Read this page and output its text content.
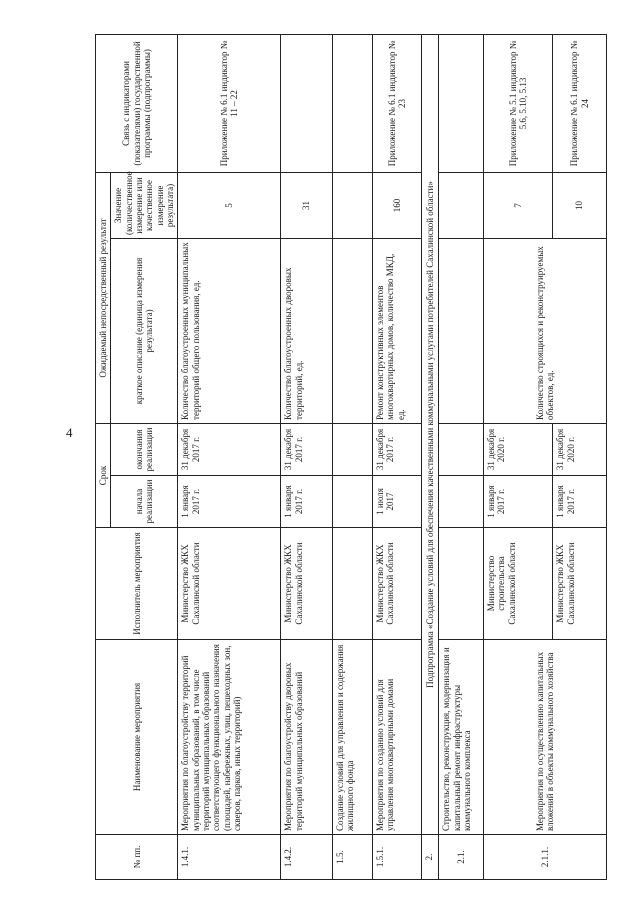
4
№ пп.	Наименование мероприятия	Исполнитель мероприятия	Срок		Ожидаемый непосредственный результат		Связь с индикаторами (показателями) государственной программы (подпрограммы)
			начала реализации	окончания реализации	краткое описание (единица измерения результата)	Значение (количественное измерение или качественное измерение результата)	
1.4.1.	Мероприятия по благоустройству территорий муниципальных образований, в том числе территорий муниципальных образований соответствующего функционального назначения (площадей, набережных, улиц, пешеходных зон, скверов, парков, иных территорий)	Министерство ЖКХ Сахалинской области	1 января 2017 г.	31 декабря 2017 г.	Количество благоустроенных муниципальных территорий общего пользования, ед.	5	Приложение № 6.1 индикатор № 11 – 22
1.4.2.	Мероприятия по благоустройству дворовых территорий муниципальных образований	Министерство ЖКХ Сахалинской области	1 января 2017 г.	31 декабря 2017 г.	Количество благоустроенных дворовых территорий, ед.	31	
1.5.	Создание условий для управления и содержания жилищного фонда						
1.5.1.	Мероприятия по созданию условий для управления многоквартирными домами	Министерство ЖКХ Сахалинской области	1 июля 2017	31 декабря 2017 г.	Ремонт конструктивных элементов многоквартирных домов, количество МКД, ед.	160	Приложение № 6.1 индикатор № 23
2.	Подпрограмма «Создание условий для обеспечения качественными коммунальными услугами потребителей Сахалинской области»						
2.1.	Строительство, реконструкция, модернизация и капитальный ремонт инфраструктуры коммунального комплекса						
2.1.1.	Мероприятия по осуществлению капитальных вложений в объекты коммунального хозяйства	Министерство строительства Сахалинской области	1 января 2017 г.	31 декабря 2020 г.	Количество строящихся и реконструируемых объектов, ед.	7	Приложение № 5.1 индикатор № 5.6, 5.10, 5.13
		Министерство ЖКХ Сахалинской области	1 января 2017 г.	31 декабря 2020 г.		10	Приложение № 6.1 индикатор № 24
